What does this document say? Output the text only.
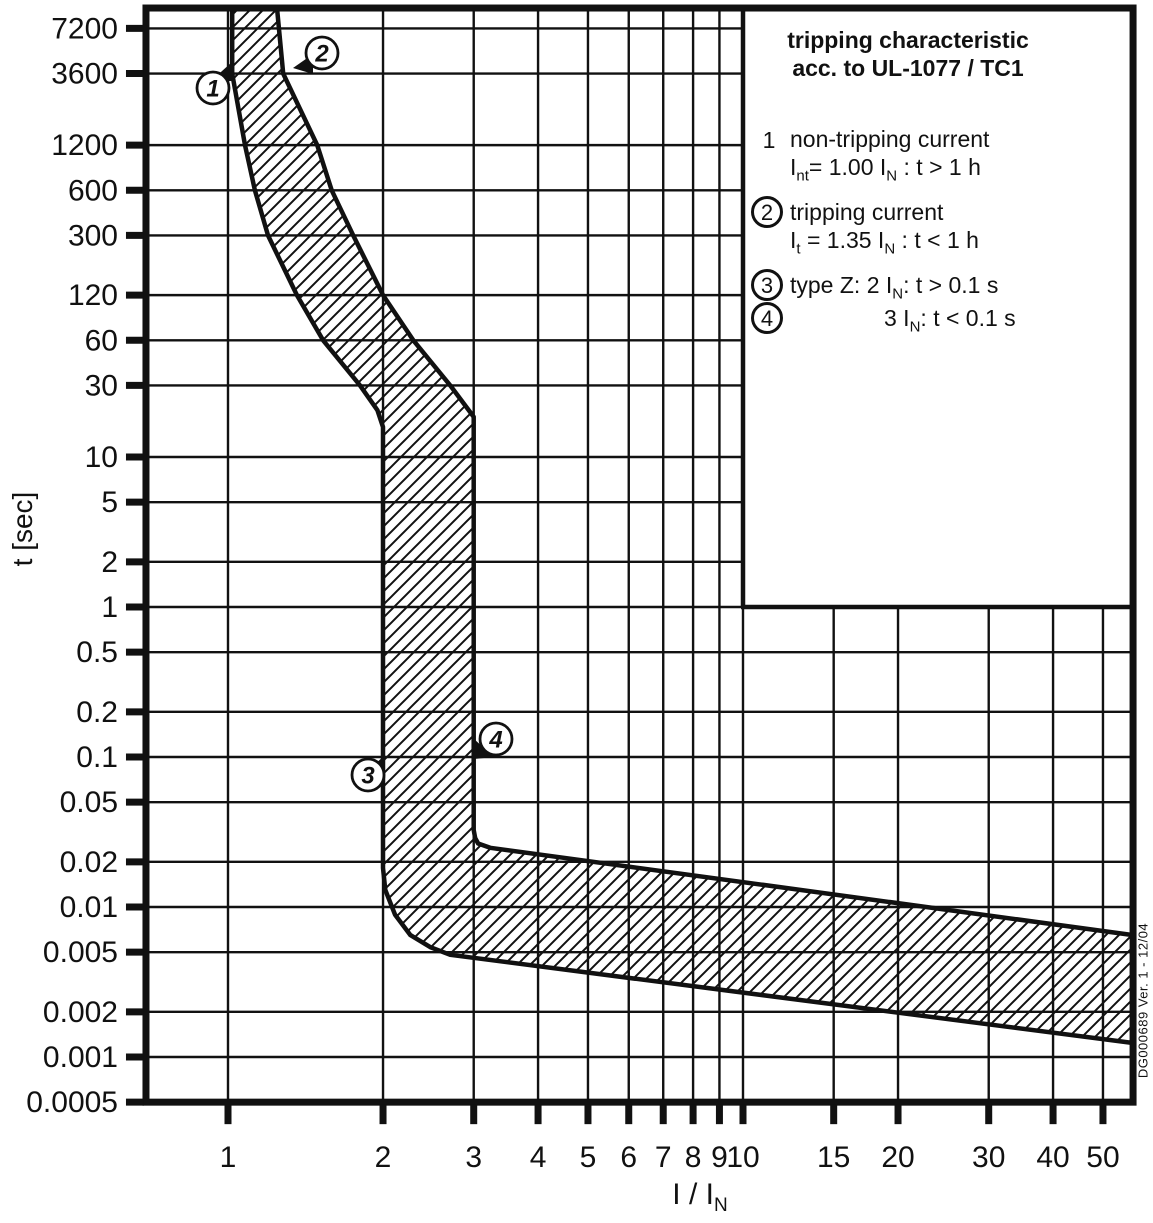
7200
3600
1200
600
300
120
60
30
10
5
2
1
0.5
0.2
0.1
0.05
0.02
0.01
0.005
0.002
0.001
0.0005
1	2 3 4 5 6 7 8 9
10 15 20 30 40 50
1
2
3
4
tripping characteristic
acc. to UL-1077 / TC1
1 non-tripping current
$I_{nt}= 1.00$ $I_N$ : t > 1 h
2 tripping current
$I_t = 1.35$ $I_N$ : t < 1 h
3 type Z: 2 $I_N$: t > 0.1 s
4	3 $I_N$: t < 0.1 s
t [sec]
I / $I_N$
DG000689 Ver. 1 - 12/04
